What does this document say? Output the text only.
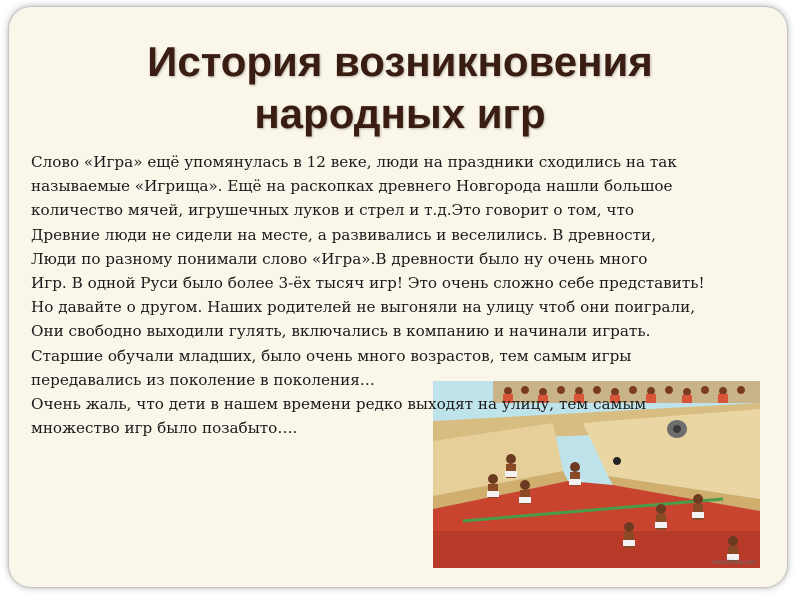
История возникновения
народных игр
www.fotolia.com
Слово «Игра» ещё упомянулась в 12 веке, люди на праздники сходились на так
называемые «Игрища». Ещё на раскопках древнего Новгорода нашли большое
количество мячей, игрушечных луков и стрел и т.д.Это говорит о том, что
Древние люди не сидели на месте, а развивались и веселились. В древности,
Люди по разному понимали слово «Игра».В древности было ну очень много
Игр. В одной Руси было более 3-ёх тысяч игр! Это очень сложно себе представить!
Но давайте о другом. Наших родителей не выгоняли на улицу чтоб они поиграли,
Они свободно выходили гулять, включались в компанию и начинали играть.
Старшие обучали младших, было очень много возрастов, тем самым игры
передавались из поколение в поколения…
Очень жаль, что дети в нашем времени редко выходят на улицу, тем самым
множество игр было позабыто….
